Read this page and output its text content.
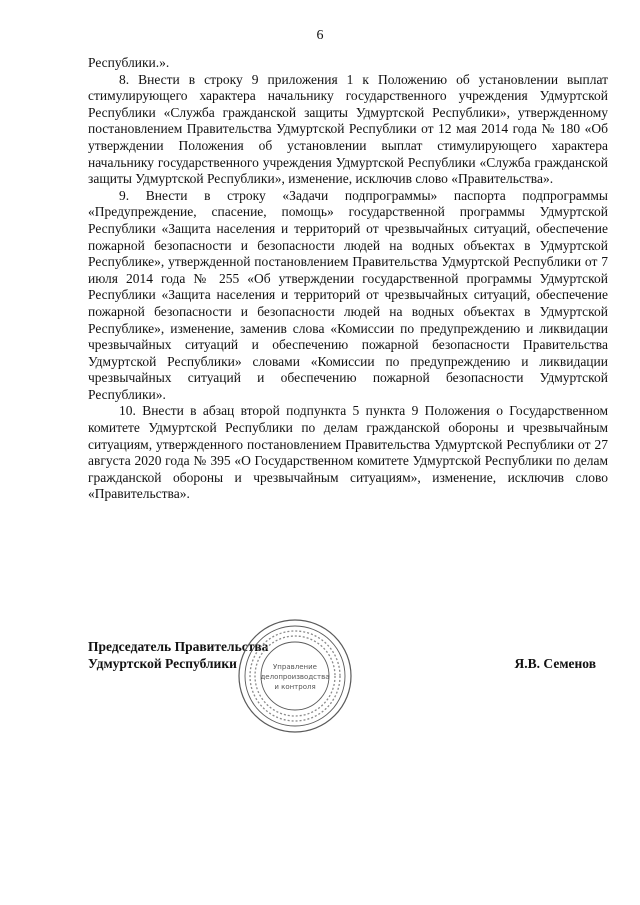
6

Республики.».

8. Внести в строку 9 приложения 1 к Положению об установлении выплат стимулирующего характера начальнику государственного учреждения Удмуртской Республики «Служба гражданской защиты Удмуртской Республики», утвержденному постановлением Правительства Удмуртской Республики от 12 мая 2014 года № 180 «Об утверждении Положения об установлении выплат стимулирующего характера начальнику государственного учреждения Удмуртской Республики «Служба гражданской защиты Удмуртской Республики», изменение, исключив слово «Правительства».

9. Внести в строку «Задачи подпрограммы» паспорта подпрограммы «Предупреждение, спасение, помощь» государственной программы Удмуртской Республики «Защита населения и территорий от чрезвычайных ситуаций, обеспечение пожарной безопасности и безопасности людей на водных объектах в Удмуртской Республике», утвержденной постановлением Правительства Удмуртской Республики от 7 июля 2014 года № 255 «Об утверждении государственной программы Удмуртской Республики «Защита населения и территорий от чрезвычайных ситуаций, обеспечение пожарной безопасности и безопасности людей на водных объектах в Удмуртской Республике», изменение, заменив слова «Комиссии по предупреждению и ликвидации чрезвычайных ситуаций и обеспечению пожарной безопасности Правительства Удмуртской Республики» словами «Комиссии по предупреждению и ликвидации чрезвычайных ситуаций и обеспечению пожарной безопасности Удмуртской Республики».

10. Внести в абзац второй подпункта 5 пункта 9 Положения о Государственном комитете Удмуртской Республики по делам гражданской обороны и чрезвычайным ситуациям, утвержденного постановлением Правительства Удмуртской Республики от 27 августа 2020 года № 395 «О Государственном комитете Удмуртской Республики по делам гражданской обороны и чрезвычайным ситуациям», изменение, исключив слово «Правительства».

Председатель Правительства
Удмуртской Республики	Я.В. Семенов
Управление
делопроизводства
и контроля
